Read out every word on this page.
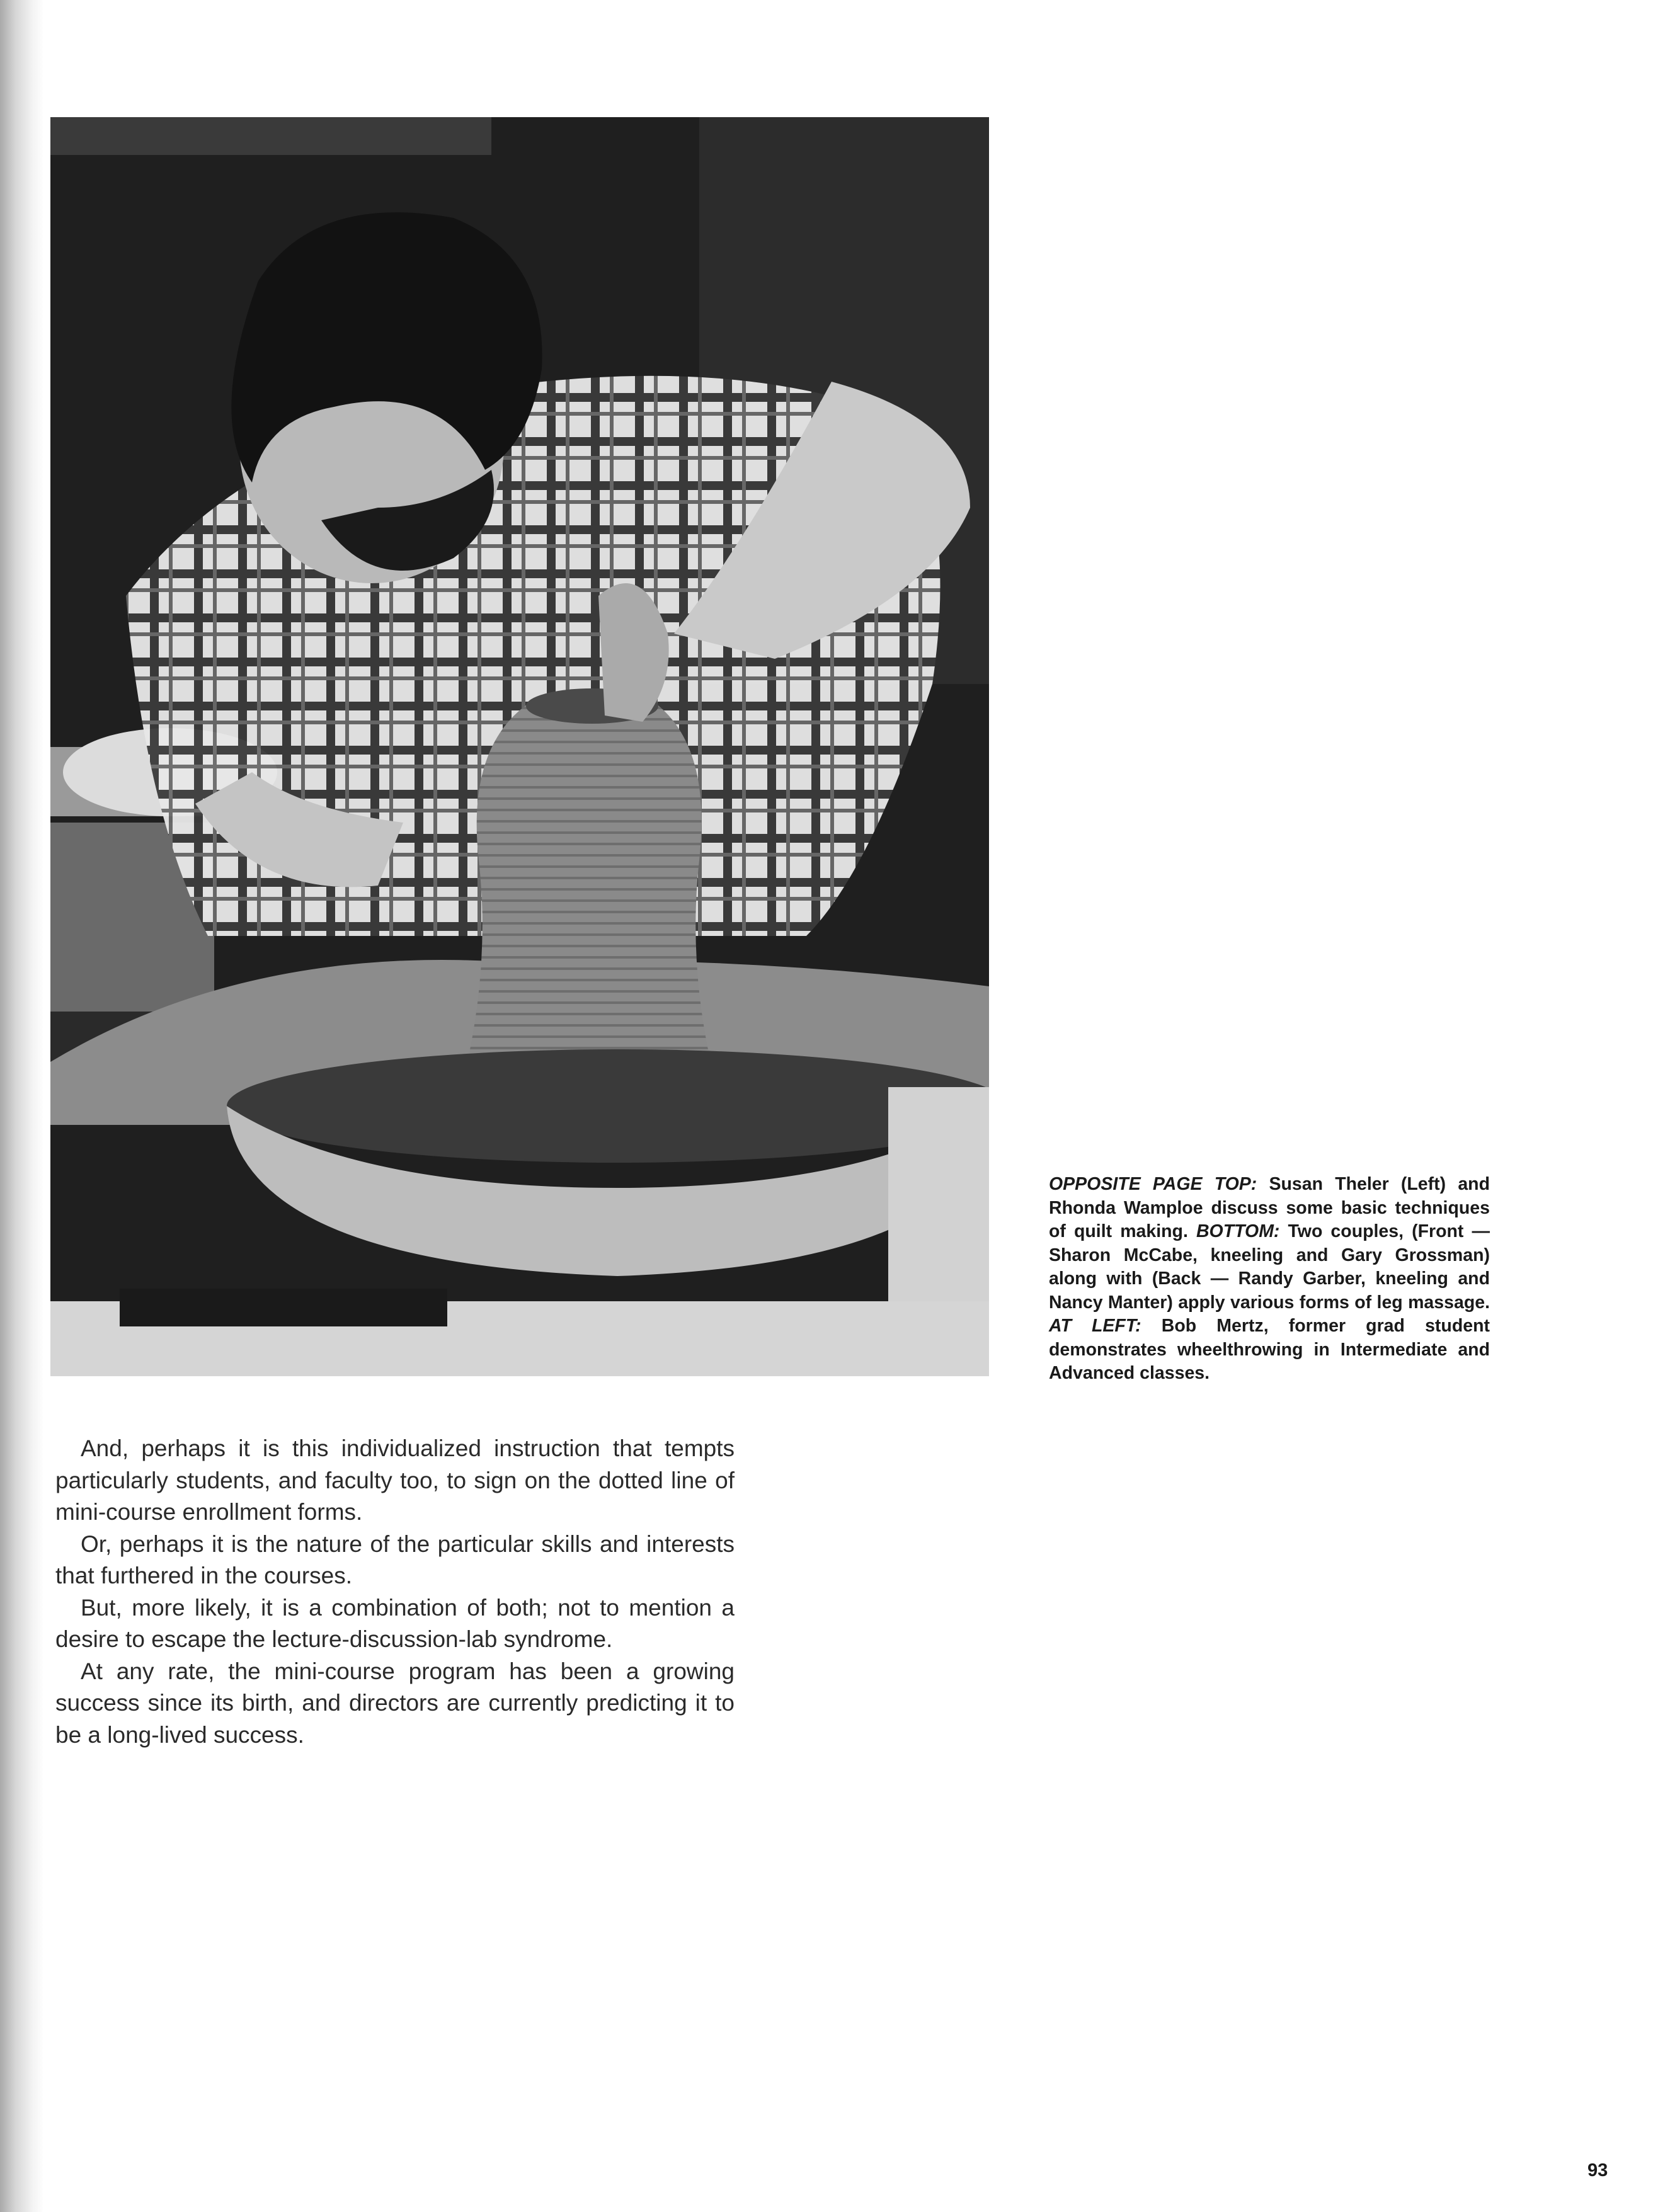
OPPOSITE PAGE TOP: Susan Theler (Left) and Rhonda Wamploe discuss some basic techniques of quilt making. BOTTOM: Two couples, (Front — Sharon McCabe, kneeling and Gary Grossman) along with (Back — Randy Garber, kneeling and Nancy Manter) apply various forms of leg massage. AT LEFT: Bob Mertz, former grad student demonstrates wheelthrowing in Intermediate and Advanced classes.

And, perhaps it is this individualized instruction that tempts particularly students, and faculty too, to sign on the dotted line of mini-course enrollment forms.

Or, perhaps it is the nature of the particular skills and interests that furthered in the courses.

But, more likely, it is a combination of both; not to mention a desire to escape the lecture-discussion-lab syndrome.

At any rate, the mini-course program has been a growing success since its birth, and directors are currently predicting it to be a long-lived success.

93
